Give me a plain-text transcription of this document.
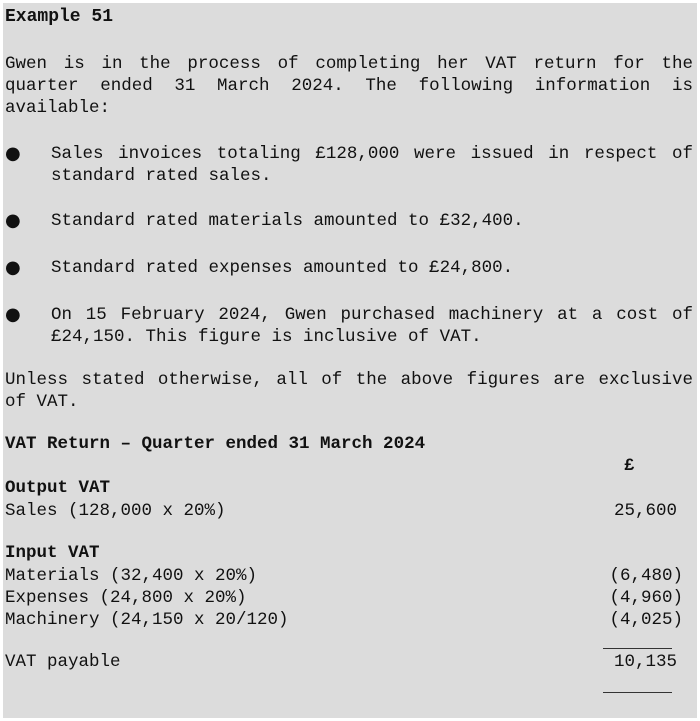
Example 51
Gwen is in the process of completing her VAT return for the quarter ended 31 March 2024. The following information is available:
● Sales invoices totaling £128,000 were issued in respect of standard rated sales.
● Standard rated materials amounted to £32,400.
● Standard rated expenses amounted to £24,800.
● On 15 February 2024, Gwen purchased machinery at a cost of £24,150. This figure is inclusive of VAT.
Unless stated otherwise, all of the above figures are exclusive of VAT.
VAT Return – Quarter ended 31 March 2024
£
Output VAT
Sales (128,000 x 20%)	25,600
Input VAT
Materials (32,400 x 20%)	(6,480)
Expenses (24,800 x 20%)	(4,960)
Machinery (24,150 x 20/120)	(4,025)
VAT payable	10,135
